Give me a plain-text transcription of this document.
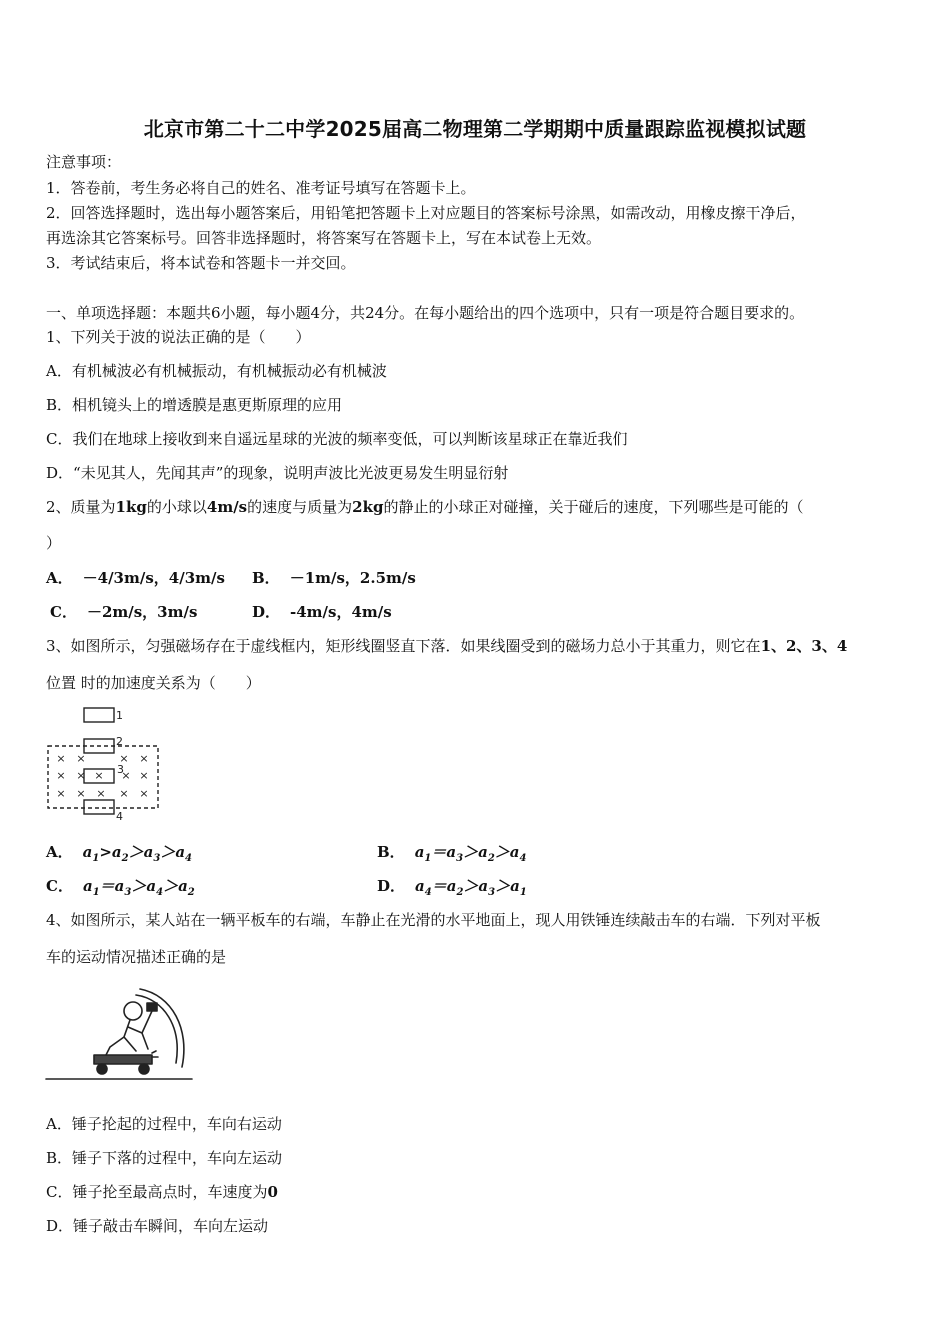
北京市第二十二中学2025届高二物理第二学期期中质量跟踪监视模拟试题
注意事项：
1．答卷前，考生务必将自己的姓名、准考证号填写在答题卡上。
2．回答选择题时，选出每小题答案后，用铅笔把答题卡上对应题目的答案标号涂黑，如需改动，用橡皮擦干净后，
再选涂其它答案标号。回答非选择题时，将答案写在答题卡上，写在本试卷上无效。
3．考试结束后，将本试卷和答题卡一并交回。
一、单项选择题：本题共6小题，每小题4分，共24分。在每小题给出的四个选项中，只有一项是符合题目要求的。
1、下列关于波的说法正确的是（　　）
A．有机械波必有机械振动，有机械振动必有机械波
B．相机镜头上的增透膜是惠更斯原理的应用
C．我们在地球上接收到来自遥远星球的光波的频率变低，可以判断该星球正在靠近我们
D．“未见其人，先闻其声”的现象，说明声波比光波更易发生明显衍射
2、质量为1kg的小球以4m/s的速度与质量为2kg的静止的小球正对碰撞，关于碰后的速度，下列哪些是可能的（
）
A． －4/3m/s，4/3m/s B． －1m/s，2.5m/s
C． －2m/s，3m/s	D． -4m/s，4m/s
3、如图所示，匀强磁场存在于虚线框内，矩形线圈竖直下落．如果线圈受到的磁场力总小于其重力，则它在1、2、3、4
位置 时的加速度关系为（　　）
1
2
3
4
× ×	× ×
× × × × ×
× × × × ×
A． $a_1>a_2>a_3>a_4$	B． $a_1=a_3>a_2>a_4$
C． $a_1=a_3>a_4>a_2$	D． $a_4=a_2>a_3>a_1$
4、如图所示，某人站在一辆平板车的右端，车静止在光滑的水平地面上，现人用铁锤连续敲击车的右端．下列对平板
车的运动情况描述正确的是
A．锤子抡起的过程中，车向右运动
B．锤子下落的过程中，车向左运动
C．锤子抡至最高点时，车速度为0
D．锤子敲击车瞬间，车向左运动
